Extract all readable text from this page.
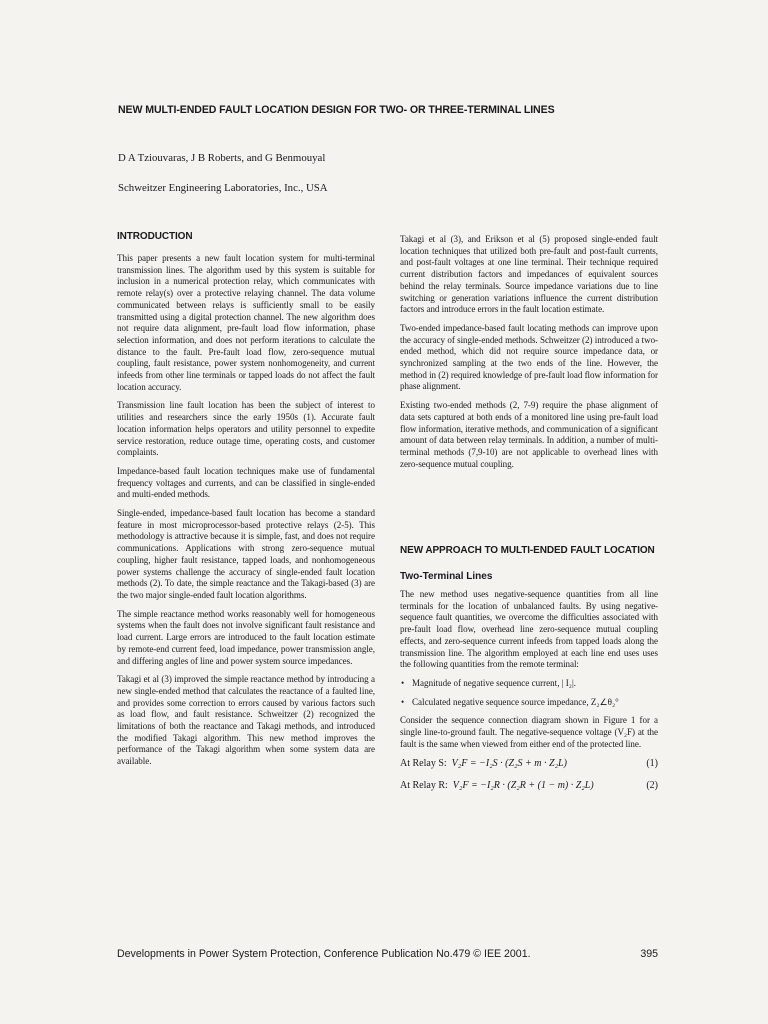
NEW MULTI-ENDED FAULT LOCATION DESIGN FOR TWO- OR THREE-TERMINAL LINES
D A Tziouvaras, J B Roberts, and G Benmouyal
Schweitzer Engineering Laboratories, Inc., USA
INTRODUCTION

This paper presents a new fault location system for multi-terminal transmission lines. The algorithm used by this system is suitable for inclusion in a numerical protection relay, which communicates with remote relay(s) over a protective relaying channel. The data volume communicated between relays is sufficiently small to be easily transmitted using a digital protection channel. The new algorithm does not require data alignment, pre-fault load flow information, phase selection information, and does not perform iterations to calculate the distance to the fault. Pre-fault load flow, zero-sequence mutual coupling, fault resistance, power system nonhomogeneity, and current infeeds from other line terminals or tapped loads do not affect the fault location accuracy.

Transmission line fault location has been the subject of interest to utilities and researchers since the early 1950s (1). Accurate fault location information helps operators and utility personnel to expedite service restoration, reduce outage time, operating costs, and customer complaints.

Impedance-based fault location techniques make use of fundamental frequency voltages and currents, and can be classified in single-ended and multi-ended methods.

Single-ended, impedance-based fault location has become a standard feature in most microprocessor-based protective relays (2-5). This methodology is attractive because it is simple, fast, and does not require communications. Applications with strong zero-sequence mutual coupling, higher fault resistance, tapped loads, and nonhomogeneous power systems challenge the accuracy of single-ended fault location methods (2). To date, the simple reactance and the Takagi-based (3) are the two major single-ended fault location algorithms.

The simple reactance method works reasonably well for homogeneous systems when the fault does not involve significant fault resistance and load current. Large errors are introduced to the fault location estimate by remote-end current feed, load impedance, power transmission angle, and differing angles of line and power system source impedances.

Takagi et al (3) improved the simple reactance method by introducing a new single-ended method that calculates the reactance of a faulted line, and provides some correction to errors caused by various factors such as load flow, and fault resistance. Schweitzer (2) recognized the limitations of both the reactance and Takagi methods, and introduced the modified Takagi algorithm. This new method improves the performance of the Takagi algorithm when some system data are available.

Takagi et al (3), and Erikson et al (5) proposed single-ended fault location techniques that utilized both pre-fault and post-fault currents, and post-fault voltages at one line terminal. Their technique required current distribution factors and impedances of equivalent sources behind the relay terminals. Source impedance variations due to line switching or generation variations influence the current distribution factors and introduce errors in the fault location estimate.

Two-ended impedance-based fault locating methods can improve upon the accuracy of single-ended methods. Schweitzer (2) introduced a two-ended method, which did not require source impedance data, or synchronized sampling at the two ends of the line. However, the method in (2) required knowledge of pre-fault load flow information for phase alignment.

Existing two-ended methods (2, 7-9) require the phase alignment of data sets captured at both ends of a monitored line using pre-fault load flow information, iterative methods, and communication of a significant amount of data between relay terminals. In addition, a number of multi-terminal methods (7,9-10) are not applicable to overhead lines with zero-sequence mutual coupling.

NEW APPROACH TO MULTI-ENDED FAULT LOCATION
Two-Terminal Lines

The new method uses negative-sequence quantities from all line terminals for the location of unbalanced faults. By using negative-sequence fault quantities, we overcome the difficulties associated with pre-fault load flow, overhead line zero-sequence mutual coupling effects, and zero-sequence current infeeds from tapped loads along the transmission line. The algorithm employed at each line end uses uses the following quantities from the remote terminal:

• Magnitude of negative sequence current, | I₂|.
• Calculated negative sequence source impedance, Z₂∠θ₂°

Consider the sequence connection diagram shown in Figure 1 for a single line-to-ground fault. The negative-sequence voltage (V₂F) at the fault is the same when viewed from either end of the protected line.

At Relay S: V₂F = −I₂S · (Z₂S + m · Z₂L)	(1)
At Relay R: V₂F = −I₂R · (Z₂R + (1 − m) · Z₂L)	(2)
Developments in Power System Protection, Conference Publication No.479 © IEE 2001.	395
